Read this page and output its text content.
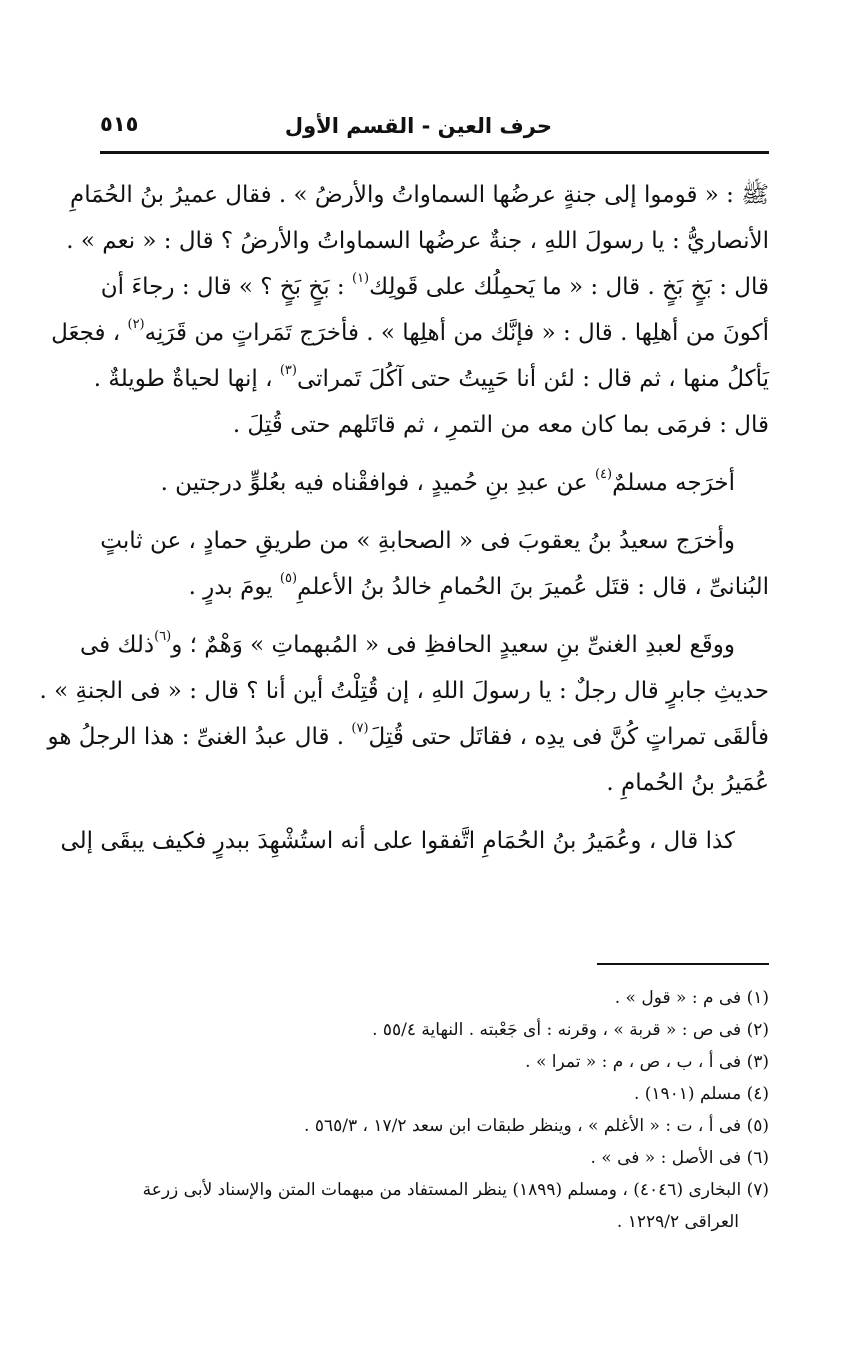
حرف العين - القسم الأول
٥١٥
ﷺ : « قوموا إلى جنةٍ عرضُها السماواتُ والأرضُ » . فقال عميرُ بنُ الحُمَامِ
الأنصاريُّ : يا رسولَ اللهِ ، جنةٌ عرضُها السماواتُ والأرضُ ؟ قال : « نعم » .
قال : بَخٍ بَخٍ . قال : « ما يَحمِلُك على قَولِك$^{(١)}$ : بَخٍ بَخٍ ؟ » قال : رجاءَ أن
أكونَ من أهلِها . قال : « فإنَّك من أهلِها » . فأخرَج تَمَراتٍ من قَرَنِه$^{(٢)}$ ، فجعَل
يَأكلُ منها ، ثم قال : لئن أنا حَيِيتُ حتى آكُلَ تَمراتى$^{(٣)}$ ، إنها لحياةٌ طويلةٌ .
قال : فرمَى بما كان معه من التمرِ ، ثم قاتَلهم حتى قُتِلَ .
أخرَجه مسلمٌ$^{(٤)}$ عن عبدِ بنِ حُميدٍ ، فوافقْناه فيه بعُلوٍّ درجتين .
وأخرَج سعيدُ بنُ يعقوبَ فى « الصحابةِ » من طريقِ حمادٍ ، عن ثابتٍ
البُنانىِّ ، قال : قتَل عُميرَ بنَ الحُمامِ خالدُ بنُ الأعلمِ$^{(٥)}$ يومَ بدرٍ .
ووقَع لعبدِ الغنىِّ بنِ سعيدٍ الحافظِ فى « المُبهماتِ » وَهْمٌ ؛ و$^{(٦)}$ذلك فى
حديثِ جابرٍ قال رجلٌ : يا رسولَ اللهِ ، إن قُتِلْتُ أين أنا ؟ قال : « فى الجنةِ » .
فألقَى تمراتٍ كُنَّ فى يدِه ، فقاتَل حتى قُتِلَ$^{(٧)}$ . قال عبدُ الغنىِّ : هذا الرجلُ هو
عُمَيرُ بنُ الحُمامِ .
كذا قال ، وعُمَيرُ بنُ الحُمَامِ اتَّفقوا على أنه استُشْهِدَ ببدرٍ فكيف يبقَى إلى
(١) فى م : « قول » .
(٢) فى ص : « قربة » ، وقرنه : أى جَعْبته . النهاية ٥٥/٤ .
(٣) فى أ ، ب ، ص ، م : « تمرا » .
(٤) مسلم (١٩٠١) .
(٥) فى أ ، ت : « الأغلم » ، وينظر طبقات ابن سعد ١٧/٢ ، ٥٦٥/٣ .
(٦) فى الأصل : « فى » .
(٧) البخارى (٤٠٤٦) ، ومسلم (١٨٩٩) ينظر المستفاد من مبهمات المتن والإسناد لأبى زرعة
العراقى ١٢٢٩/٢ .
